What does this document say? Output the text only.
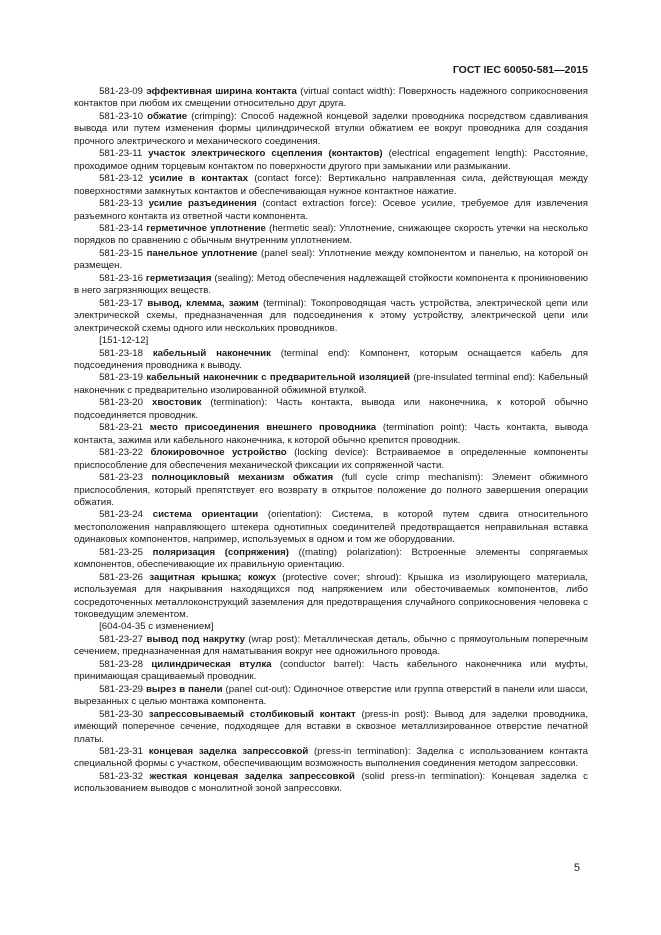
ГОСТ IEC 60050-581—2015

581-23-09 эффективная ширина контакта (virtual contact width): Поверхность надежного соприкосновения контактов при любом их смещении относительно друг друга.

581-23-10 обжатие (crimping): Способ надежной концевой заделки проводника посредством сдавливания вывода или путем изменения формы цилиндрической втулки обжатием ее вокруг проводника для создания прочного электрического и механического соединения.

581-23-11 участок электрического сцепления (контактов) (electrical engagement length): Расстояние, проходимое одним торцевым контактом по поверхности другого при замыкании или размыкании.

581-23-12 усилие в контактах (contact force): Вертикально направленная сила, действующая между поверхностями замкнутых контактов и обеспечивающая нужное контактное нажатие.

581-23-13 усилие разъединения (contact extraction force): Осевое усилие, требуемое для извлечения разъемного контакта из ответной части компонента.

581-23-14 герметичное уплотнение (hermetic seal): Уплотнение, снижающее скорость утечки на несколько порядков по сравнению с обычным внутренним уплотнением.

581-23-15 панельное уплотнение (panel seal): Уплотнение между компонентом и панелью, на которой он размещен.

581-23-16 герметизация (sealing): Метод обеспечения надлежащей стойкости компонента к проникновению в него загрязняющих веществ.

581-23-17 вывод, клемма, зажим (terminal): Токопроводящая часть устройства, электрической цепи или электрической схемы, предназначенная для подсоединения к этому устройству, электрической цепи или электрической схемы одного или нескольких проводников.

[151-12-12]

581-23-18 кабельный наконечник (terminal end): Компонент, которым оснащается кабель для подсоединения проводника к выводу.

581-23-19 кабельный наконечник с предварительной изоляцией (pre-insulated terminal end): Кабельный наконечник с предварительно изолированной обжимной втулкой.

581-23-20 хвостовик (termination): Часть контакта, вывода или наконечника, к которой обычно подсоединяется проводник.

581-23-21 место присоединения внешнего проводника (termination point): Часть контакта, вывода контакта, зажима или кабельного наконечника, к которой обычно крепится проводник.

581-23-22 блокировочное устройство (locking device): Встраиваемое в определенные компоненты приспособление для обеспечения механической фиксации их сопряженной части.

581-23-23 полноцикловый механизм обжатия (full cycle crimp mechanism): Элемент обжимного приспособления, который препятствует его возврату в открытое положение до полного завершения операции обжатия.

581-23-24 система ориентации (orientation): Система, в которой путем сдвига относительного местоположения направляющего штекера однотипных соединителей предотвращается неправильная вставка одинаковых компонентов, например, используемых в одном и том же оборудовании.

581-23-25 поляризация (сопряжения) ((mating) polarization): Встроенные элементы сопрягаемых компонентов, обеспечивающие их правильную ориентацию.

581-23-26 защитная крышка; кожух (protective cover; shroud): Крышка из изолирующего материала, используемая для накрывания находящихся под напряжением или обесточиваемых компонентов, либо сосредоточенных металлоконструкций заземления для предотвращения случайного соприкосновения человека с токоведущим элементом.

[604-04-35 с изменением]

581-23-27 вывод под накрутку (wrap post): Металлическая деталь, обычно с прямоугольным поперечным сечением, предназначенная для наматывания вокруг нее одножильного провода.

581-23-28 цилиндрическая втулка (conductor barrel): Часть кабельного наконечника или муфты, принимающая сращиваемый проводник.

581-23-29 вырез в панели (panel cut-out): Одиночное отверстие или группа отверстий в панели или шасси, вырезанных с целью монтажа компонента.

581-23-30 запрессовываемый столбиковый контакт (press-in post): Вывод для заделки проводника, имеющий поперечное сечение, подходящее для вставки в сквозное металлизированное отверстие печатной платы.

581-23-31 концевая заделка запрессовкой (press-in termination): Заделка с использованием контакта специальной формы с участком, обеспечивающим возможность выполнения соединения методом запрессовки.

581-23-32 жесткая концевая заделка запрессовкой (solid press-in termination): Концевая заделка с использованием выводов с монолитной зоной запрессовки.

5
